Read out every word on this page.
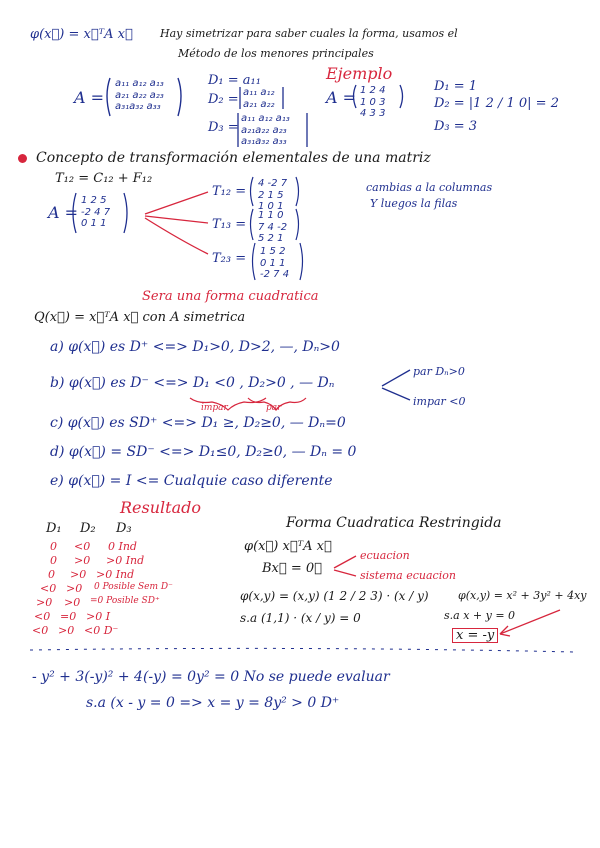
φ(x⃗) = x⃗ᵀA x⃗ Hay simetrizar para saber cuales la forma, usamos el
Método de los menores principales
A =
a₁₁ a₁₂ a₁₃
a₂₁ a₂₂ a₂₃
a₃₁a₃₂ a₃₃
D₁ = a₁₁
D₂ = a₁₁ a₁₂
a₂₁ a₂₂
D₃ =
a₁₁ a₁₂ a₁₃
a₂₁a₂₂ a₂₃
a₃₁a₃₂ a₃₃
Ejemplo
A = 1 2 4
1 0 3
4 3 3
D₁ = 1
D₂ = |1 2 / 1 0| = 2
D₃ = 3
Concepto de transformación elementales de una matriz
T₁₂ = C₁₂ + F₁₂
A =
1 2 5
-2 4 7
0 1 1
T₁₂ =
4 -2 7
2 1 5
1 0 1
T₁₃ =
1 1 0
7 4 -2
5 2 1
T₂₃ = 1 5 2
0 1 1
-2 7 4
cambias a la columnas
Y luegos la filas
Sera una forma cuadratica
Q(x⃗) = x⃗ᵀA x⃗ con A simetrica
a) φ(x⃗) es D⁺ <=> D₁>0, D>2, —, Dₙ>0
b) φ(x⃗) es D⁻ <=> D₁ <0 , D₂>0 , — Dₙ
impar	par
par Dₙ>0
impar <0
c) φ(x⃗) es SD⁺ <=> D₁ ≥, D₂≥0, — Dₙ=0
d) φ(x⃗) = SD⁻ <=> D₁≤0, D₂≥0, — Dₙ = 0
e) φ(x⃗) = I <= Cualquie caso diferente
Resultado
D₁ D₂ D₃
0 <0 0 Ind
0 >0 >0 Ind
0 >0 >0 Ind
<0 >0 0 Posible Sem D⁻
>0 >0 =0 Posible SD⁺
<0 =0 >0 I
<0 >0 <0 D⁻
Forma Cuadratica Restringida
φ(x⃗) x⃗ᵀA x⃗
Bx⃗ = 0⃗
ecuacion
sistema ecuacion
φ(x,y) = (x,y) (1 2 / 2 3) · (x / y)	φ(x,y) = x² + 3y² + 4xy
s.a (1,1) · (x / y) = 0	s.a x + y = 0
x = -y
- y² + 3(-y)² + 4(-y) = 0y² = 0 No se puede evaluar
s.a (x - y = 0 => x = y = 8y² > 0 D⁺
